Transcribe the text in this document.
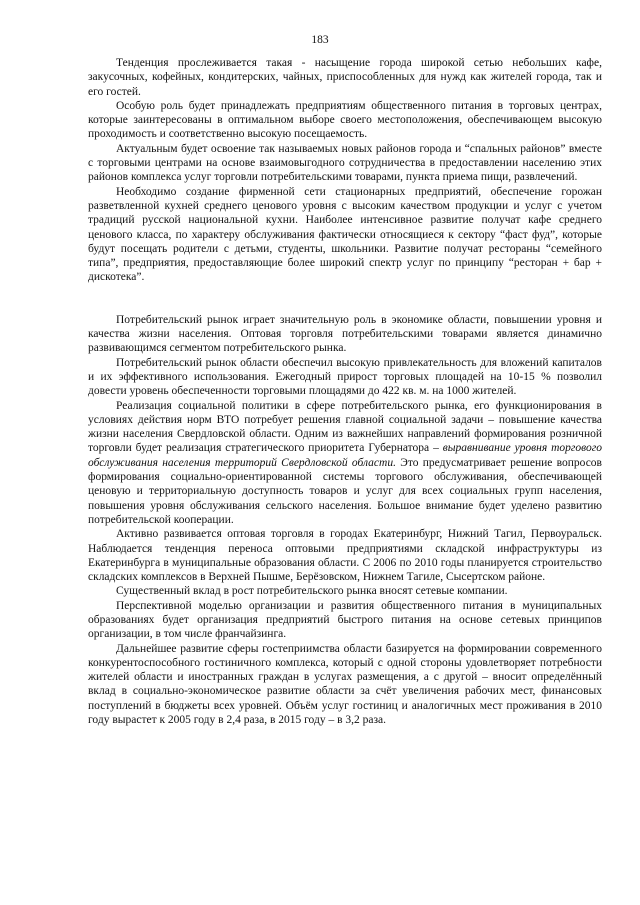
183

Тенденция прослеживается такая - насыщение города широкой сетью небольших кафе, закусочных, кофейных, кондитерских, чайных, приспособленных для нужд как жителей города, так и его гостей.

Особую роль будет принадлежать предприятиям общественного питания в торговых центрах, которые заинтересованы в оптимальном выборе своего местоположения, обеспечивающем высокую проходимость и соответственно высокую посещаемость.

Актуальным будет освоение так называемых новых районов города и “спальных районов” вместе с торговыми центрами на основе взаимовыгодного сотрудничества в предоставлении населению этих районов комплекса услуг торговли потребительскими товарами, пункта приема пищи, развлечений.

Необходимо создание фирменной сети стационарных предприятий, обеспечение горожан разветвленной кухней среднего ценового уровня с высоким качеством продукции и услуг с учетом традиций русской национальной кухни. Наиболее интенсивное развитие получат кафе среднего ценового класса, по характеру обслуживания фактически относящиеся к сектору “фаст фуд”, которые будут посещать родители с детьми, студенты, школьники. Развитие получат рестораны “семейного типа”, предприятия, предоставляющие более широкий спектр услуг по принципу “ресторан + бар + дискотека”.

Потребительский рынок играет значительную роль в экономике области, повышении уровня и качества жизни населения. Оптовая торговля потребительскими товарами является динамично развивающимся сегментом потребительского рынка.

Потребительский рынок области обеспечил высокую привлекательность для вложений капиталов и их эффективного использования. Ежегодный прирост торговых площадей на 10-15 % позволил довести уровень обеспеченности торговыми площадями до 422 кв. м. на 1000 жителей.

Реализация социальной политики в сфере потребительского рынка, его функционирования в условиях действия норм ВТО потребует решения главной социальной задачи – повышение качества жизни населения Свердловской области. Одним из важнейших направлений формирования розничной торговли будет реализация стратегического приоритета Губернатора – выравнивание уровня торгового обслуживания населения территорий Свердловской области. Это предусматривает решение вопросов формирования социально-ориентированной системы торгового обслуживания, обеспечивающей ценовую и территориальную доступность товаров и услуг для всех социальных групп населения, повышения уровня обслуживания сельского населения. Большое внимание будет уделено развитию потребительской кооперации.

Активно развивается оптовая торговля в городах Екатеринбург, Нижний Тагил, Первоуральск. Наблюдается тенденция переноса оптовыми предприятиями складской инфраструктуры из Екатеринбурга в муниципальные образования области. С 2006 по 2010 годы планируется строительство складских комплексов в Верхней Пышме, Берёзовском, Нижнем Тагиле, Сысертском районе.

Существенный вклад в рост потребительского рынка вносят сетевые компании.

Перспективной моделью организации и развития общественного питания в муниципальных образованиях будет организация предприятий быстрого питания на основе сетевых принципов организации, в том числе франчайзинга.

Дальнейшее развитие сферы гостеприимства области базируется на формировании современного конкурентоспособного гостиничного комплекса, который с одной стороны удовлетворяет потребности жителей области и иностранных граждан в услугах размещения, а с другой – вносит определённый вклад в социально-экономическое развитие области за счёт увеличения рабочих мест, финансовых поступлений в бюджеты всех уровней. Объём услуг гостиниц и аналогичных мест проживания в 2010 году вырастет к 2005 году в 2,4 раза, в 2015 году – в 3,2 раза.
